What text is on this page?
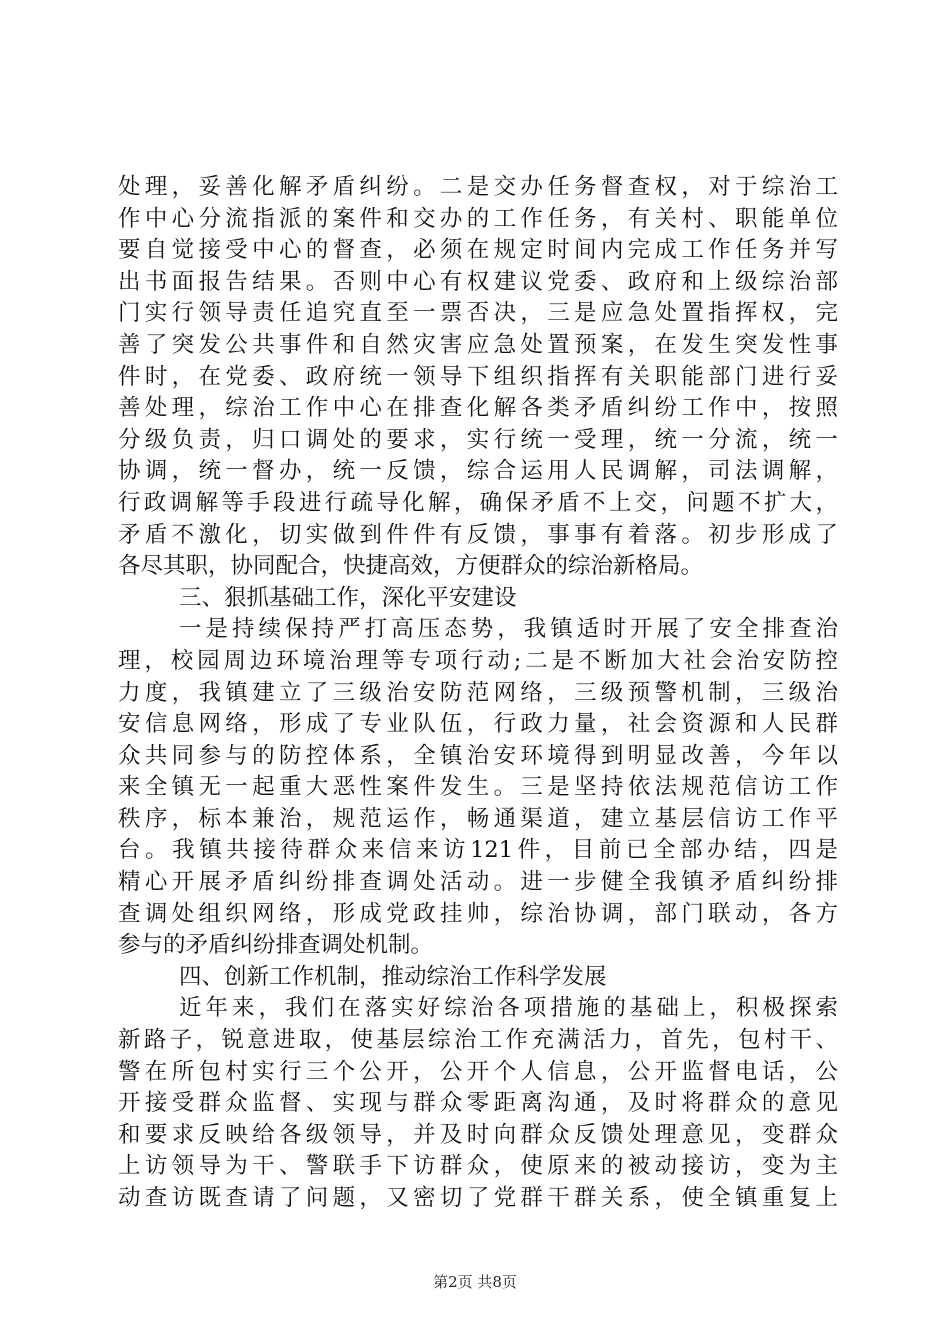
处理，妥善化解矛盾纠纷。二是交办任务督查权，对于综治工
作中心分流指派的案件和交办的工作任务，有关村、职能单位
要自觉接受中心的督查，必须在规定时间内完成工作任务并写
出书面报告结果。否则中心有权建议党委、政府和上级综治部
门实行领导责任追究直至一票否决，三是应急处置指挥权，完
善了突发公共事件和自然灾害应急处置预案，在发生突发性事
件时，在党委、政府统一领导下组织指挥有关职能部门进行妥
善处理，综治工作中心在排查化解各类矛盾纠纷工作中，按照
分级负责，归口调处的要求，实行统一受理，统一分流，统一
协调，统一督办，统一反馈，综合运用人民调解，司法调解，
行政调解等手段进行疏导化解，确保矛盾不上交，问题不扩大，
矛盾不激化，切实做到件件有反馈，事事有着落。初步形成了
各尽其职，协同配合，快捷高效，方便群众的综治新格局。
三、狠抓基础工作，深化平安建设
一是持续保持严打高压态势，我镇适时开展了安全排查治
理，校园周边环境治理等专项行动;二是不断加大社会治安防控
力度，我镇建立了三级治安防范网络，三级预警机制，三级治
安信息网络，形成了专业队伍，行政力量，社会资源和人民群
众共同参与的防控体系，全镇治安环境得到明显改善，今年以
来全镇无一起重大恶性案件发生。三是坚持依法规范信访工作
秩序，标本兼治，规范运作，畅通渠道，建立基层信访工作平
台。我镇共接待群众来信来访121件，目前已全部办结，四是
精心开展矛盾纠纷排查调处活动。进一步健全我镇矛盾纠纷排
查调处组织网络，形成党政挂帅，综治协调，部门联动，各方
参与的矛盾纠纷排查调处机制。
四、创新工作机制，推动综治工作科学发展
近年来，我们在落实好综治各项措施的基础上，积极探索
新路子，锐意进取，使基层综治工作充满活力，首先，包村干、
警在所包村实行三个公开，公开个人信息，公开监督电话，公
开接受群众监督、实现与群众零距离沟通，及时将群众的意见
和要求反映给各级领导，并及时向群众反馈处理意见，变群众
上访领导为干、警联手下访群众，使原来的被动接访，变为主
动查访既查请了问题，又密切了党群干群关系，使全镇重复上
第2页 共8页
